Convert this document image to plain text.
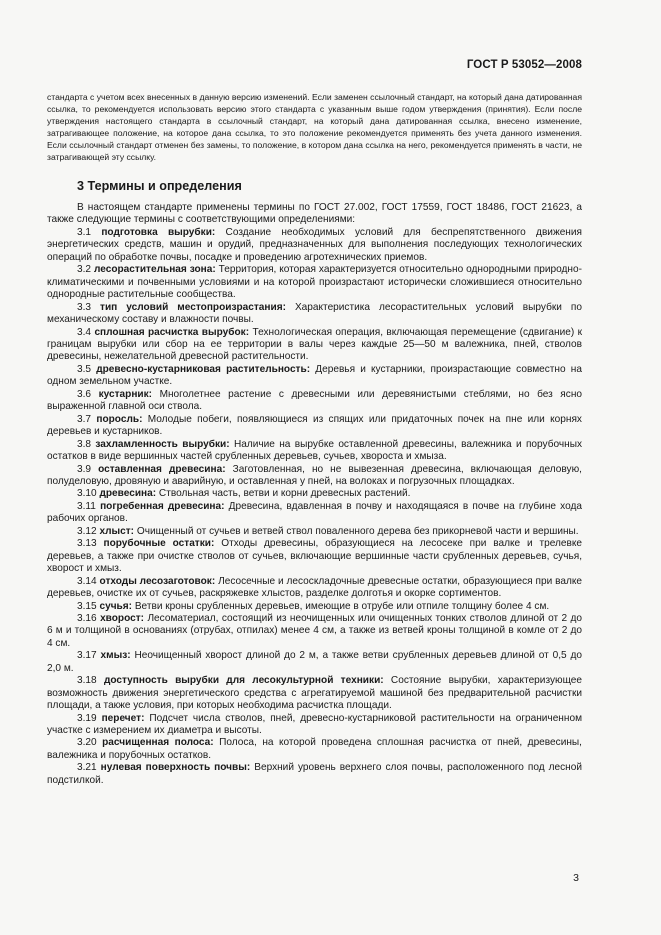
ГОСТ Р 53052—2008

стандарта с учетом всех внесенных в данную версию изменений. Если заменен ссылочный стандарт, на который дана датированная ссылка, то рекомендуется использовать версию этого стандарта с указанным выше годом утверждения (принятия). Если после утверждения настоящего стандарта в ссылочный стандарт, на который дана датированная ссылка, внесено изменение, затрагивающее положение, на которое дана ссылка, то это положение рекомендуется применять без учета данного изменения. Если ссылочный стандарт отменен без замены, то положение, в котором дана ссылка на него, рекомендуется применять в части, не затрагивающей эту ссылку.

3 Термины и определения

В настоящем стандарте применены термины по ГОСТ 27.002, ГОСТ 17559, ГОСТ 18486, ГОСТ 21623, а также следующие термины с соответствующими определениями:

3.1 подготовка вырубки: Создание необходимых условий для беспрепятственного движения энергетических средств, машин и орудий, предназначенных для выполнения последующих технологических операций по обработке почвы, посадке и проведению агротехнических приемов.

3.2 лесорастительная зона: Территория, которая характеризуется относительно однородными природно-климатическими и почвенными условиями и на которой произрастают исторически сложившиеся относительно однородные растительные сообщества.

3.3 тип условий местопроизрастания: Характеристика лесорастительных условий вырубки по механическому составу и влажности почвы.

3.4 сплошная расчистка вырубок: Технологическая операция, включающая перемещение (сдвигание) к границам вырубки или сбор на ее территории в валы через каждые 25—50 м валежника, пней, стволов древесины, нежелательной древесной растительности.

3.5 древесно-кустарниковая растительность: Деревья и кустарники, произрастающие совместно на одном земельном участке.

3.6 кустарник: Многолетнее растение с древесными или деревянистыми стеблями, но без ясно выраженной главной оси ствола.

3.7 поросль: Молодые побеги, появляющиеся из спящих или придаточных почек на пне или корнях деревьев и кустарников.

3.8 захламленность вырубки: Наличие на вырубке оставленной древесины, валежника и порубочных остатков в виде вершинных частей срубленных деревьев, сучьев, хвороста и хмыза.

3.9 оставленная древесина: Заготовленная, но не вывезенная древесина, включающая деловую, полуделовую, дровяную и аварийную, и оставленная у пней, на волоках и погрузочных площадках.

3.10 древесина: Ствольная часть, ветви и корни древесных растений.

3.11 погребенная древесина: Древесина, вдавленная в почву и находящаяся в почве на глубине хода рабочих органов.

3.12 хлыст: Очищенный от сучьев и ветвей ствол поваленного дерева без прикорневой части и вершины.

3.13 порубочные остатки: Отходы древесины, образующиеся на лесосеке при валке и трелевке деревьев, а также при очистке стволов от сучьев, включающие вершинные части срубленных деревьев, сучья, хворост и хмыз.

3.14 отходы лесозаготовок: Лесосечные и лесоскладочные древесные остатки, образующиеся при валке деревьев, очистке их от сучьев, раскряжевке хлыстов, разделке долготья и окорке сортиментов.

3.15 сучья: Ветви кроны срубленных деревьев, имеющие в отрубе или отпиле толщину более 4 см.

3.16 хворост: Лесоматериал, состоящий из неочищенных или очищенных тонких стволов длиной от 2 до 6 м и толщиной в основаниях (отрубах, отпилах) менее 4 см, а также из ветвей кроны толщиной в комле от 2 до 4 см.

3.17 хмыз: Неочищенный хворост длиной до 2 м, а также ветви срубленных деревьев длиной от 0,5 до 2,0 м.

3.18 доступность вырубки для лесокультурной техники: Состояние вырубки, характеризующее возможность движения энергетического средства с агрегатируемой машиной без предварительной расчистки площади, а также условия, при которых необходима расчистка площади.

3.19 перечет: Подсчет числа стволов, пней, древесно-кустарниковой растительности на ограниченном участке с измерением их диаметра и высоты.

3.20 расчищенная полоса: Полоса, на которой проведена сплошная расчистка от пней, древесины, валежника и порубочных остатков.

3.21 нулевая поверхность почвы: Верхний уровень верхнего слоя почвы, расположенного под лесной подстилкой.

3
